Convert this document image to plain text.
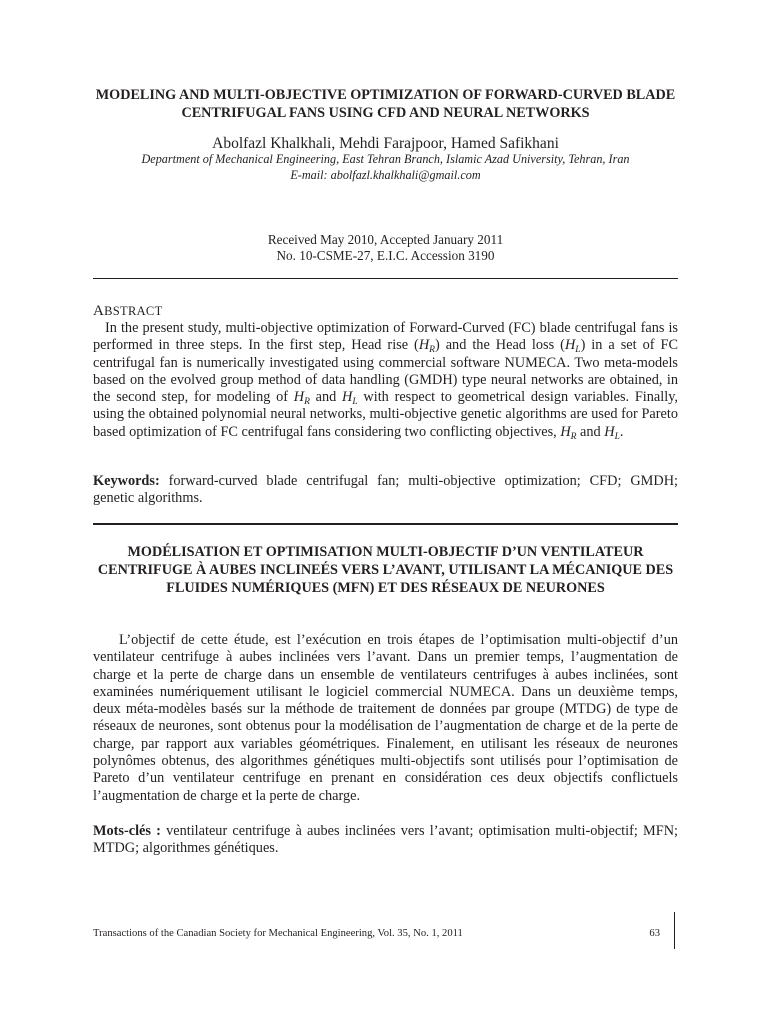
MODELING AND MULTI-OBJECTIVE OPTIMIZATION OF FORWARD-CURVED BLADE CENTRIFUGAL FANS USING CFD AND NEURAL NETWORKS
Abolfazl Khalkhali, Mehdi Farajpoor, Hamed Safikhani
Department of Mechanical Engineering, East Tehran Branch, Islamic Azad University, Tehran, Iran
E-mail: abolfazl.khalkhali@gmail.com
Received May 2010, Accepted January 2011
No. 10-CSME-27, E.I.C. Accession 3190
ABSTRACT
In the present study, multi-objective optimization of Forward-Curved (FC) blade centrifugal fans is performed in three steps. In the first step, Head rise $(H_R)$ and the Head loss $(H_L)$ in a set of FC centrifugal fan is numerically investigated using commercial software NUMECA. Two meta-models based on the evolved group method of data handling (GMDH) type neural networks are obtained, in the second step, for modeling of $H_R$ and $H_L$ with respect to geometrical design variables. Finally, using the obtained polynomial neural networks, multi-objective genetic algorithms are used for Pareto based optimization of FC centrifugal fans considering two conflicting objectives, $H_R$ and $H_L$.
Keywords: forward-curved blade centrifugal fan; multi-objective optimization; CFD; GMDH; genetic algorithms.
MODÉLISATION ET OPTIMISATION MULTI-OBJECTIF D’UN VENTILATEUR CENTRIFUGE À AUBES INCLINEÉS VERS L’AVANT, UTILISANT LA MÉCANIQUE DES FLUIDES NUMÉRIQUES (MFN) ET DES RÉSEAUX DE NEURONES
L’objectif de cette étude, est l’exécution en trois étapes de l’optimisation multi-objectif d’un ventilateur centrifuge à aubes inclinées vers l’avant. Dans un premier temps, l’augmentation de charge et la perte de charge dans un ensemble de ventilateurs centrifuges à aubes inclinées, sont examinées numériquement utilisant le logiciel commercial NUMECA. Dans un deuxième temps, deux méta-modèles basés sur la méthode de traitement de données par groupe (MTDG) de type de réseaux de neurones, sont obtenus pour la modélisation de l’augmentation de charge et de la perte de charge, par rapport aux variables géométriques. Finalement, en utilisant les réseaux de neurones polynômes obtenus, des algorithmes génétiques multi-objectifs sont utilisés pour l’optimisation de Pareto d’un ventilateur centrifuge en prenant en considération ces deux objectifs conflictuels l’augmentation de charge et la perte de charge.
Mots-clés : ventilateur centrifuge à aubes inclinées vers l’avant; optimisation multi-objectif; MFN; MTDG; algorithmes génétiques.
Transactions of the Canadian Society for Mechanical Engineering, Vol. 35, No. 1, 2011	63
